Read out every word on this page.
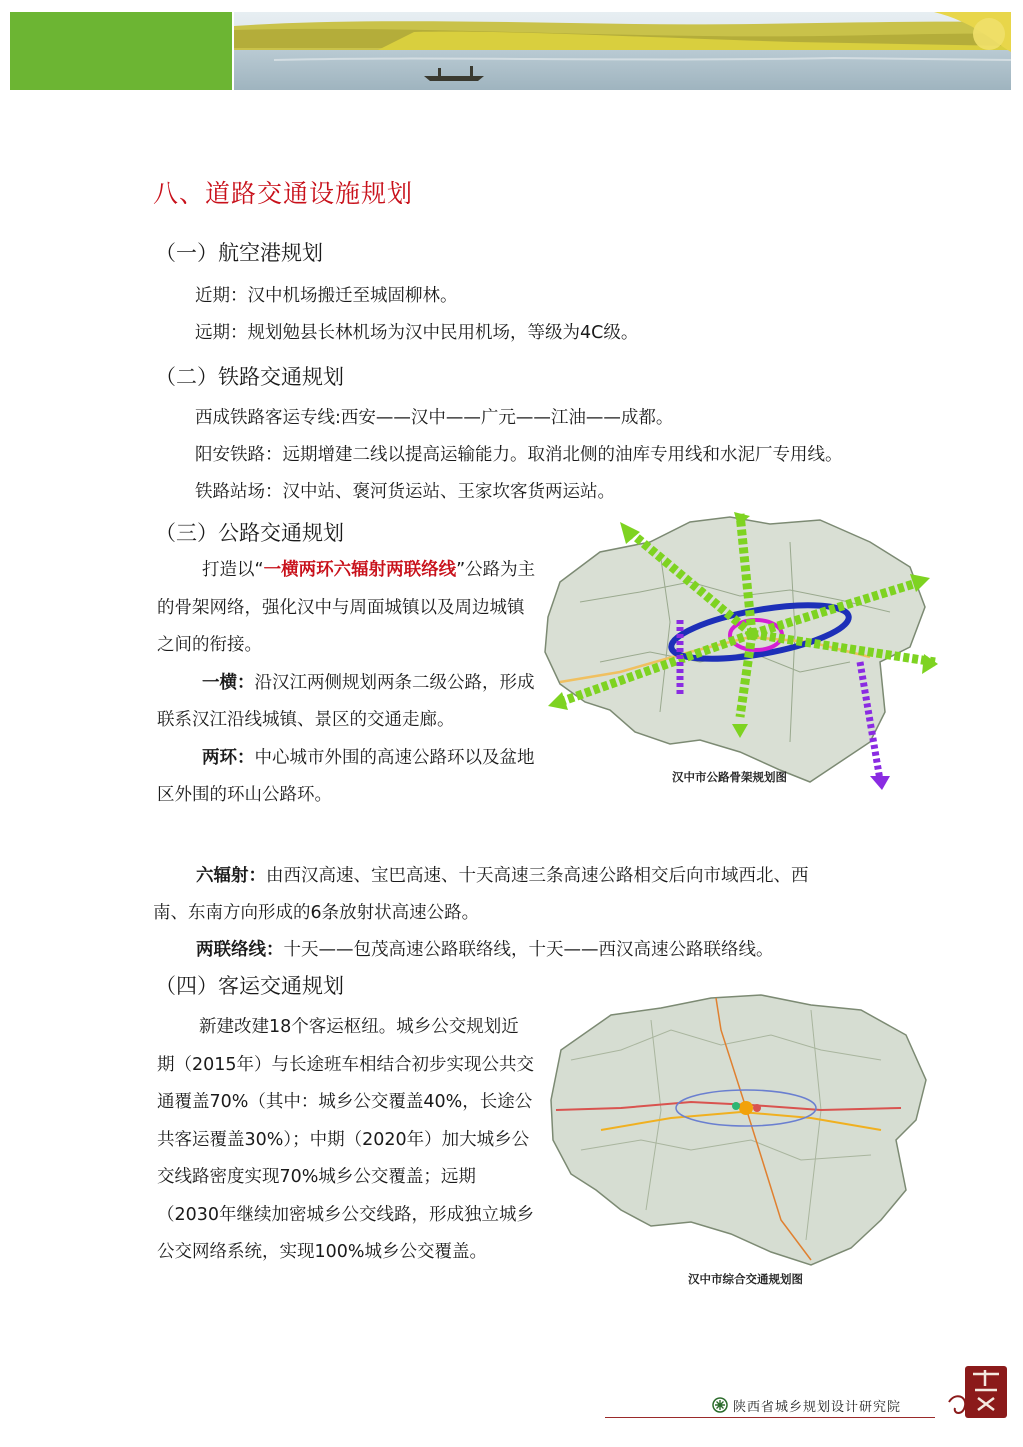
八、道路交通设施规划
（一）航空港规划
近期：汉中机场搬迁至城固柳林。
远期：规划勉县长林机场为汉中民用机场，等级为4C级。
（二）铁路交通规划
西成铁路客运专线:西安——汉中——广元——江油——成都。
阳安铁路：远期增建二线以提高运输能力。取消北侧的油库专用线和水泥厂专用线。
铁路站场：汉中站、褒河货运站、王家坎客货两运站。
（三）公路交通规划

打造以“一横两环六辐射两联络线”公路为主的骨架网络，强化汉中与周面城镇以及周边城镇之间的衔接。

一横：沿汉江两侧规划两条二级公路，形成联系汉江沿线城镇、景区的交通走廊。

两环：中心城市外围的高速公路环以及盆地区外围的环山公路环。

六辐射：由西汉高速、宝巴高速、十天高速三条高速公路相交后向市域西北、西
南、东南方向形成的6条放射状高速公路。
两联络线：十天——包茂高速公路联络线，十天——西汉高速公路联络线。
汉中市公路骨架规划图
（四）客运交通规划

新建改建18个客运枢纽。城乡公交规划近期（2015年）与长途班车相结合初步实现公共交通覆盖70%（其中：城乡公交覆盖40%，长途公共客运覆盖30%）；中期（2020年）加大城乡公交线路密度实现70%城乡公交覆盖；远期（2030年继续加密城乡公交线路，形成独立城乡公交网络系统，实现100%城乡公交覆盖。

汉中市综合交通规划图
陕西省城乡规划设计研究院
